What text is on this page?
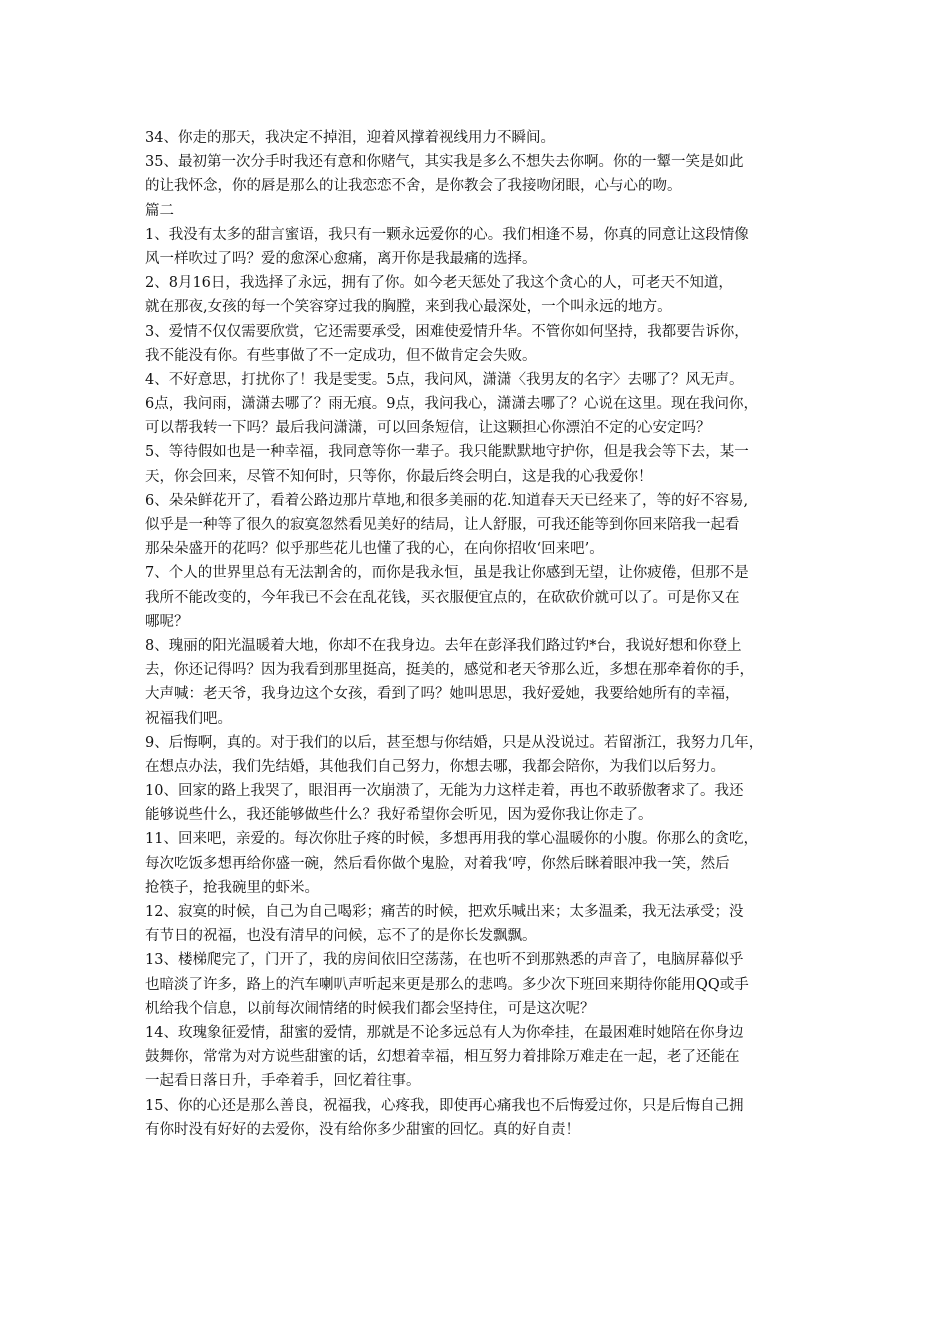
34、你走的那天，我决定不掉泪，迎着风撑着视线用力不瞬间。
35、最初第一次分手时我还有意和你赌气，其实我是多么不想失去你啊。你的一颦一笑是如此
的让我怀念，你的唇是那么的让我恋恋不舍，是你教会了我接吻闭眼，心与心的吻。
篇二
1、我没有太多的甜言蜜语，我只有一颗永远爱你的心。我们相逢不易，你真的同意让这段情像
风一样吹过了吗？爱的愈深心愈痛，离开你是我最痛的选择。
2、8月16日，我选择了永远，拥有了你。如今老天惩处了我这个贪心的人，可老天不知道，
就在那夜,女孩的每一个笑容穿过我的胸膛，来到我心最深处，一个叫永远的地方。
3、爱情不仅仅需要欣赏，它还需要承受，困难使爱情升华。不管你如何坚持，我都要告诉你，
我不能没有你。有些事做了不一定成功，但不做肯定会失败。
4、不好意思，打扰你了！我是雯雯。5点，我问风，潇潇〈我男友的名字〉去哪了？风无声。
6点，我问雨，潇潇去哪了？雨无痕。9点，我问我心，潇潇去哪了？心说在这里。现在我问你，
可以帮我转一下吗？最后我问潇潇，可以回条短信，让这颗担心你漂泊不定的心安定吗？
5、等待假如也是一种幸福，我同意等你一辈子。我只能默默地守护你，但是我会等下去，某一
天，你会回来，尽管不知何时，只等你，你最后终会明白，这是我的心我爱你！
6、朵朵鲜花开了，看着公路边那片草地,和很多美丽的花.知道春天天已经来了，等的好不容易,
似乎是一种等了很久的寂寞忽然看见美好的结局，让人舒服，可我还能等到你回来陪我一起看
那朵朵盛开的花吗？似乎那些花儿也懂了我的心，在向你招收‘回来吧’。
7、个人的世界里总有无法割舍的，而你是我永恒，虽是我让你感到无望，让你疲倦，但那不是
我所不能改变的，今年我已不会在乱花钱，买衣服便宜点的，在砍砍价就可以了。可是你又在
哪呢？
8、瑰丽的阳光温暖着大地，你却不在我身边。去年在彭泽我们路过钓*台，我说好想和你登上
去，你还记得吗？因为我看到那里挺高，挺美的，感觉和老天爷那么近，多想在那牵着你的手，
大声喊：老天爷，我身边这个女孩，看到了吗？她叫思思，我好爱她，我要给她所有的幸福，
祝福我们吧。
9、后悔啊，真的。对于我们的以后，甚至想与你结婚，只是从没说过。若留浙江，我努力几年，
在想点办法，我们先结婚，其他我们自己努力，你想去哪，我都会陪你，为我们以后努力。
10、回家的路上我哭了，眼泪再一次崩溃了，无能为力这样走着，再也不敢骄傲奢求了。我还
能够说些什么，我还能够做些什么？我好希望你会听见，因为爱你我让你走了。
11、回来吧，亲爱的。每次你肚子疼的时候，多想再用我的掌心温暖你的小腹。你那么的贪吃，
每次吃饭多想再给你盛一碗，然后看你做个鬼脸，对着我‘哼，你然后眯着眼冲我一笑，然后
抢筷子，抢我碗里的虾米。
12、寂寞的时候，自己为自己喝彩；痛苦的时候，把欢乐喊出来；太多温柔，我无法承受；没
有节日的祝福，也没有清早的问候，忘不了的是你长发飘飘。
13、楼梯爬完了，门开了，我的房间依旧空荡荡，在也听不到那熟悉的声音了，电脑屏幕似乎
也暗淡了许多，路上的汽车喇叭声听起来更是那么的悲鸣。多少次下班回来期待你能用QQ或手
机给我个信息，以前每次闹情绪的时候我们都会坚持住，可是这次呢？
14、玫瑰象征爱情，甜蜜的爱情，那就是不论多远总有人为你牵挂，在最困难时她陪在你身边
鼓舞你，常常为对方说些甜蜜的话，幻想着幸福，相互努力着排除万难走在一起，老了还能在
一起看日落日升，手牵着手，回忆着往事。
15、你的心还是那么善良，祝福我，心疼我，即使再心痛我也不后悔爱过你，只是后悔自己拥
有你时没有好好的去爱你，没有给你多少甜蜜的回忆。真的好自责！
